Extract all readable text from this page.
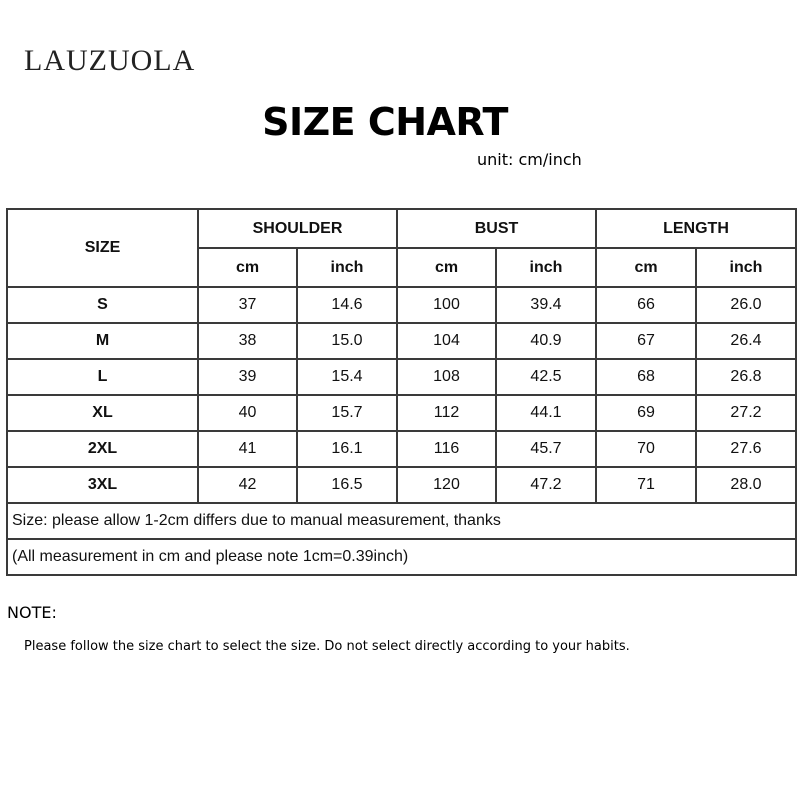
LAUZUOLA
SIZE CHART
unit: cm/inch
SIZE	SHOULDER		BUST		LENGTH	
	cm	inch	cm	inch	cm	inch
S	37	14.6	100	39.4	66	26.0
M	38	15.0	104	40.9	67	26.4
L	39	15.4	108	42.5	68	26.8
XL	40	15.7	112	44.1	69	27.2
2XL	41	16.1	116	45.7	70	27.6
3XL	42	16.5	120	47.2	71	28.0
Size: please allow 1-2cm differs due to manual measurement, thanks						
(All measurement in cm and please note 1cm=0.39inch)						
NOTE:
Please follow the size chart to select the size. Do not select directly according to your habits.
